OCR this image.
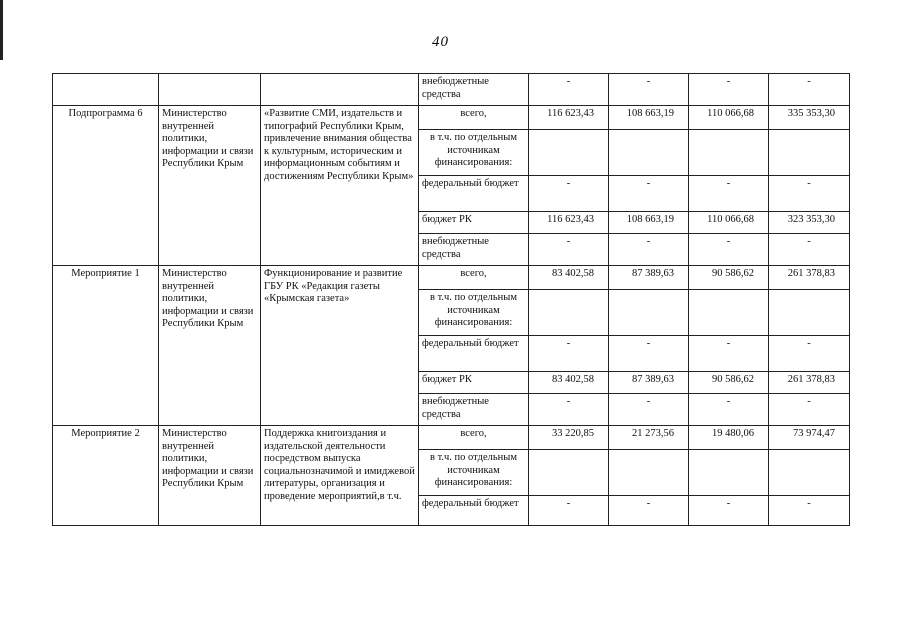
40
			внебюджетные средства	-	-	-	-
Подпрограмма 6	Министерство внутренней политики, информации и связи Республики Крым	«Развитие СМИ, издательств и типографий Республики Крым, привлечение внимания общества к культурным, историческим и информационным событиям и достижениям Республики Крым»	всего,	116 623,43	108 663,19	110 066,68	335 353,30
			в т.ч. по отдельным источникам финансирования:				
			федеральный бюджет	-	-	-	-
			бюджет РК	116 623,43	108 663,19	110 066,68	323 353,30
			внебюджетные средства	-	-	-	-
Мероприятие 1	Министерство внутренней политики, информации и связи Республики Крым	Функционирование и развитие ГБУ РК «Редакция газеты «Крымская газета»	всего,	83 402,58	87 389,63	90 586,62	261 378,83
			в т.ч. по отдельным источникам финансирования:				
			федеральный бюджет	-	-	-	-
			бюджет РК	83 402,58	87 389,63	90 586,62	261 378,83
			внебюджетные средства	-	-	-	-
Мероприятие 2	Министерство внутренней политики, информации и связи Республики Крым	Поддержка книгоиздания и издательской деятельности посредством выпуска социальнозначимой и имиджевой литературы, организация и проведение мероприятий,в т.ч.	всего,	33 220,85	21 273,56	19 480,06	73 974,47
			в т.ч. по отдельным источникам финансирования:				
			федеральный бюджет	-	-	-	-
